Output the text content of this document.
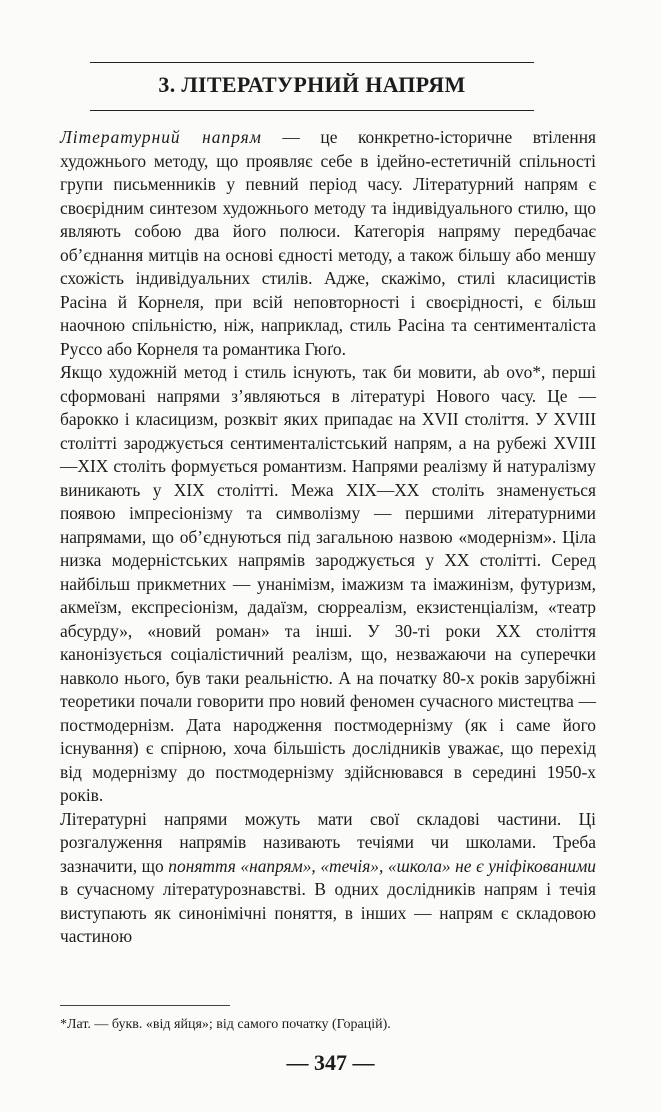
3. ЛІТЕРАТУРНИЙ НАПРЯМ

Літературний напрям — це конкретно-історичне втілення художнього методу, що проявляє себе в ідейно-естетичній спільності групи письменників у певний період часу. Літературний напрям є своєрідним синтезом художнього методу та індивідуального стилю, що являють собою два його полюси. Категорія напряму передбачає об’єднання митців на основі єдності методу, а також більшу або меншу схожість індивідуальних стилів. Адже, скажімо, стилі класицистів Расіна й Корнеля, при всій неповторності і своєрідності, є більш наочною спільністю, ніж, наприклад, стиль Расіна та сентименталіста Руссо або Корнеля та романтика Гюґо.

Якщо художній метод і стиль існують, так би мовити, ab ovo*, перші сформовані напрями з’являються в літературі Нового часу. Це — барокко і класицизм, розквіт яких припадає на XVII століття. У XVIII столітті зароджується сентименталістський напрям, а на рубежі XVIII—XIX століть формується романтизм. Напрями реалізму й натуралізму виникають у XIX столітті. Межа XIX—XX століть знаменується появою імпресіонізму та символізму — першими літературними напрямами, що об’єднуються під загальною назвою «модернізм». Ціла низка модерністських напрямів зароджується у XX столітті. Серед найбільш прикметних — унанімізм, імажизм та імажинізм, футуризм, акмеїзм, експресіонізм, дадаїзм, сюрреалізм, екзистенціалізм, «театр абсурду», «новий роман» та інші. У 30-ті роки XX століття канонізується соціалістичний реалізм, що, незважаючи на суперечки навколо нього, був таки реальністю. А на початку 80-х років зарубіжні теоретики почали говорити про новий феномен сучасного мистецтва — постмодернізм. Дата народження постмодернізму (як і саме його існування) є спірною, хоча більшість дослідників уважає, що перехід від модернізму до постмодернізму здійснювався в середині 1950-х років.

Літературні напрями можуть мати свої складові частини. Ці розгалуження напрямів називають течіями чи школами. Треба зазначити, що поняття «напрям», «течія», «школа» не є уніфікованими в сучасному літературознавстві. В одних дослідників напрям і течія виступають як синонімічні поняття, в інших — напрям є складовою частиною

*Лат. — букв. «від яйця»; від самого початку (Горацій).
— 347 —
